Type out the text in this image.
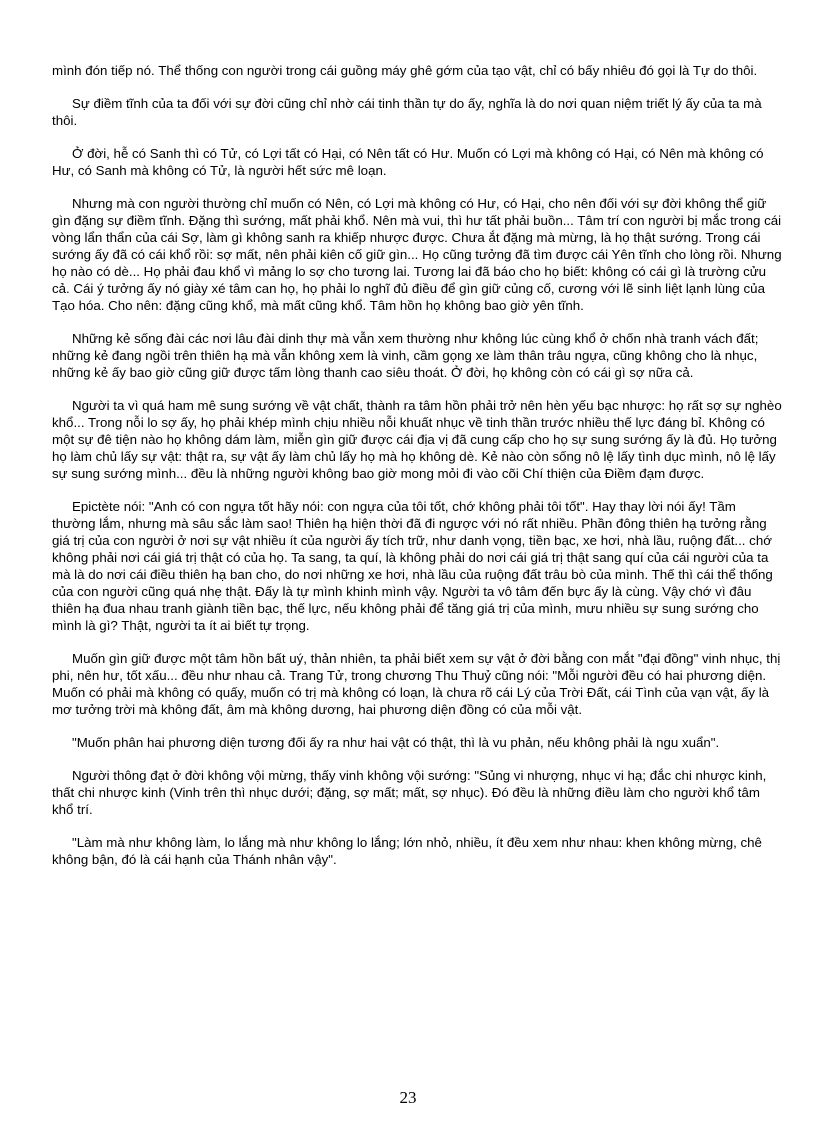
mình đón tiếp nó. Thể thống con người trong cái guồng máy ghê gớm của tạo vật, chỉ có bấy nhiêu đó gọi là Tự do thôi.

Sự điềm tĩnh của ta đối với sự đời cũng chỉ nhờ cái tinh thần tự do ấy, nghĩa là do nơi quan niệm triết lý ấy của ta mà thôi.

Ở đời, hễ có Sanh thì có Tử, có Lợi tất có Hại, có Nên tất có Hư. Muốn có Lợi mà không có Hại, có Nên mà không có Hư, có Sanh mà không có Tử, là người hết sức mê loạn.

Nhưng mà con người thường chỉ muốn có Nên, có Lợi mà không có Hư, có Hại, cho nên đối với sự đời không thể giữ gìn đặng sự điềm tĩnh. Đặng thì sướng, mất phải khổ. Nên mà vui, thì hư tất phải buồn... Tâm trí con người bị mắc trong cái vòng lẩn thẩn của cái Sợ, làm gì không sanh ra khiếp nhược được. Chưa ắt đặng mà mừng, là họ thật sướng. Trong cái sướng ấy đã có cái khổ rồi: sợ mất, nên phải kiên cố giữ gìn... Họ cũng tưởng đã tìm được cái Yên tĩnh cho lòng rồi. Nhưng họ nào có dè... Họ phải đau khổ vì mảng lo sợ cho tương lai. Tương lai đã báo cho họ biết: không có cái gì là trường cửu cả. Cái ý tưởng ấy nó giày xé tâm can họ, họ phải lo nghĩ đủ điều để gìn giữ củng cố, cương với lẽ sinh liệt lạnh lùng của Tạo hóa. Cho nên: đặng cũng khổ, mà mất cũng khổ. Tâm hồn họ không bao giờ yên tĩnh.

Những kẻ sống đài các nơi lâu đài dinh thự mà vẫn xem thường như không lúc cùng khổ ở chốn nhà tranh vách đất; những kẻ đang ngồi trên thiên hạ mà vẫn không xem là vinh, cầm gọng xe làm thân trâu ngựa, cũng không cho là nhục, những kẻ ấy bao giờ cũng giữ được tấm lòng thanh cao siêu thoát. Ở đời, họ không còn có cái gì sợ nữa cả.

Người ta vì quá ham mê sung sướng về vật chất, thành ra tâm hồn phải trở nên hèn yếu bạc nhược: họ rất sợ sự nghèo khổ... Trong nỗi lo sợ ấy, họ phải khép mình chịu nhiều nỗi khuất nhục về tinh thần trước nhiều thế lực đáng bỉ. Không có một sự đê tiện nào họ không dám làm, miễn gìn giữ được cái địa vị đã cung cấp cho họ sự sung sướng ấy là đủ. Họ tưởng họ làm chủ lấy sự vật: thật ra, sự vật ấy làm chủ lấy họ mà họ không dè. Kẻ nào còn sống nô lệ lấy tình dục mình, nô lệ lấy sự sung sướng mình... đều là những người không bao giờ mong mỏi đi vào cõi Chí thiện của Điềm đạm được.

Epictète nói: "Anh có con ngựa tốt hãy nói: con ngựa của tôi tốt, chớ không phải tôi tốt". Hay thay lời nói ấy! Tầm thường lắm, nhưng mà sâu sắc làm sao! Thiên hạ hiện thời đã đi ngược với nó rất nhiều. Phần đông thiên hạ tưởng rằng giá trị của con người ở nơi sự vật nhiều ít của người ấy tích trữ, như danh vọng, tiền bạc, xe hơi, nhà lầu, ruộng đất... chớ không phải nơi cái giá trị thật có của họ. Ta sang, ta quí, là không phải do nơi cái giá trị thật sang quí của cái người của ta mà là do nơi cái điều thiên hạ ban cho, do nơi những xe hơi, nhà lầu của ruộng đất trâu bò của mình. Thế thì cái thể thống của con người cũng quá nhẹ thật. Đấy là tự mình khinh mình vậy. Người ta vô tâm đến bực ấy là cùng. Vậy chớ vì đâu thiên hạ đua nhau tranh giành tiền bạc, thế lực, nếu không phải để tăng giá trị của mình, mưu nhiều sự sung sướng cho mình là gì? Thật, người ta ít ai biết tự trọng.

Muốn gìn giữ được một tâm hồn bất uý, thản nhiên, ta phải biết xem sự vật ở đời bằng con mắt "đại đồng" vinh nhục, thị phi, nên hư, tốt xấu... đều như nhau cả. Trang Tử, trong chương Thu Thuỷ cũng nói: "Mỗi người đều có hai phương diện. Muốn có phải mà không có quấy, muốn có trị mà không có loạn, là chưa rõ cái Lý của Trời Đất, cái Tình của vạn vật, ấy là mơ tưởng trời mà không đất, âm mà không dương, hai phương diện đồng có của mỗi vật.

"Muốn phân hai phương diện tương đối ấy ra như hai vật có thật, thì là vu phản, nếu không phải là ngu xuẩn".

Người thông đạt ở đời không vội mừng, thấy vinh không vội sướng: "Sủng vi nhượng, nhục vi hạ; đắc chi nhược kinh, thất chi nhược kinh (Vinh trên thì nhục dưới; đặng, sợ mất; mất, sợ nhục). Đó đều là những điều làm cho người khổ tâm khổ trí.

"Làm mà như không làm, lo lắng mà như không lo lắng; lớn nhỏ, nhiều, ít đều xem như nhau: khen không mừng, chê không bận, đó là cái hạnh của Thánh nhân vậy".

23
